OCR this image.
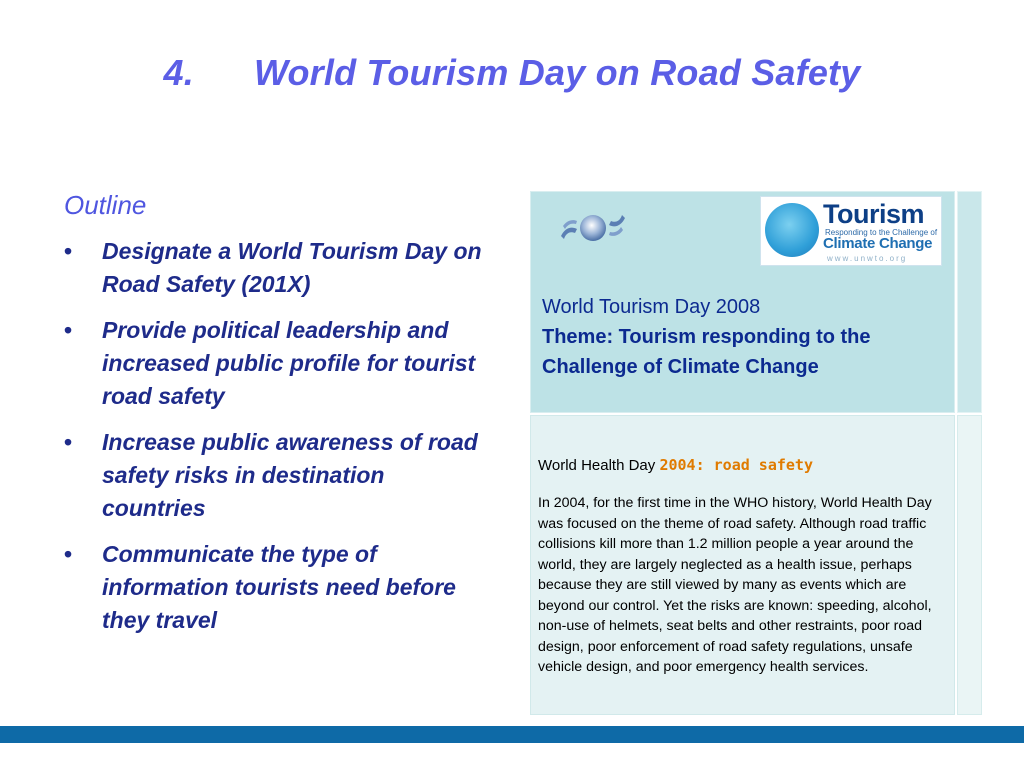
4. World Tourism Day on Road Safety
Outline
• Designate a World Tourism Day on Road Safety (201X)
• Provide political leadership and increased public profile for tourist road safety
• Increase public awareness of road safety risks in destination countries
• Communicate the type of information tourists need before they travel
Tourism
Responding to the Challenge of
Climate Change
www.unwto.org
World Tourism Day 2008
Theme: Tourism responding to the Challenge of Climate Change
World Health Day 2004: road safety

In 2004, for the first time in the WHO history, World Health Day was focused on the theme of road safety. Although road traffic collisions kill more than 1.2 million people a year around the world, they are largely neglected as a health issue, perhaps because they are still viewed by many as events which are beyond our control. Yet the risks are known: speeding, alcohol, non-use of helmets, seat belts and other restraints, poor road design, poor enforcement of road safety regulations, unsafe vehicle design, and poor emergency health services.
